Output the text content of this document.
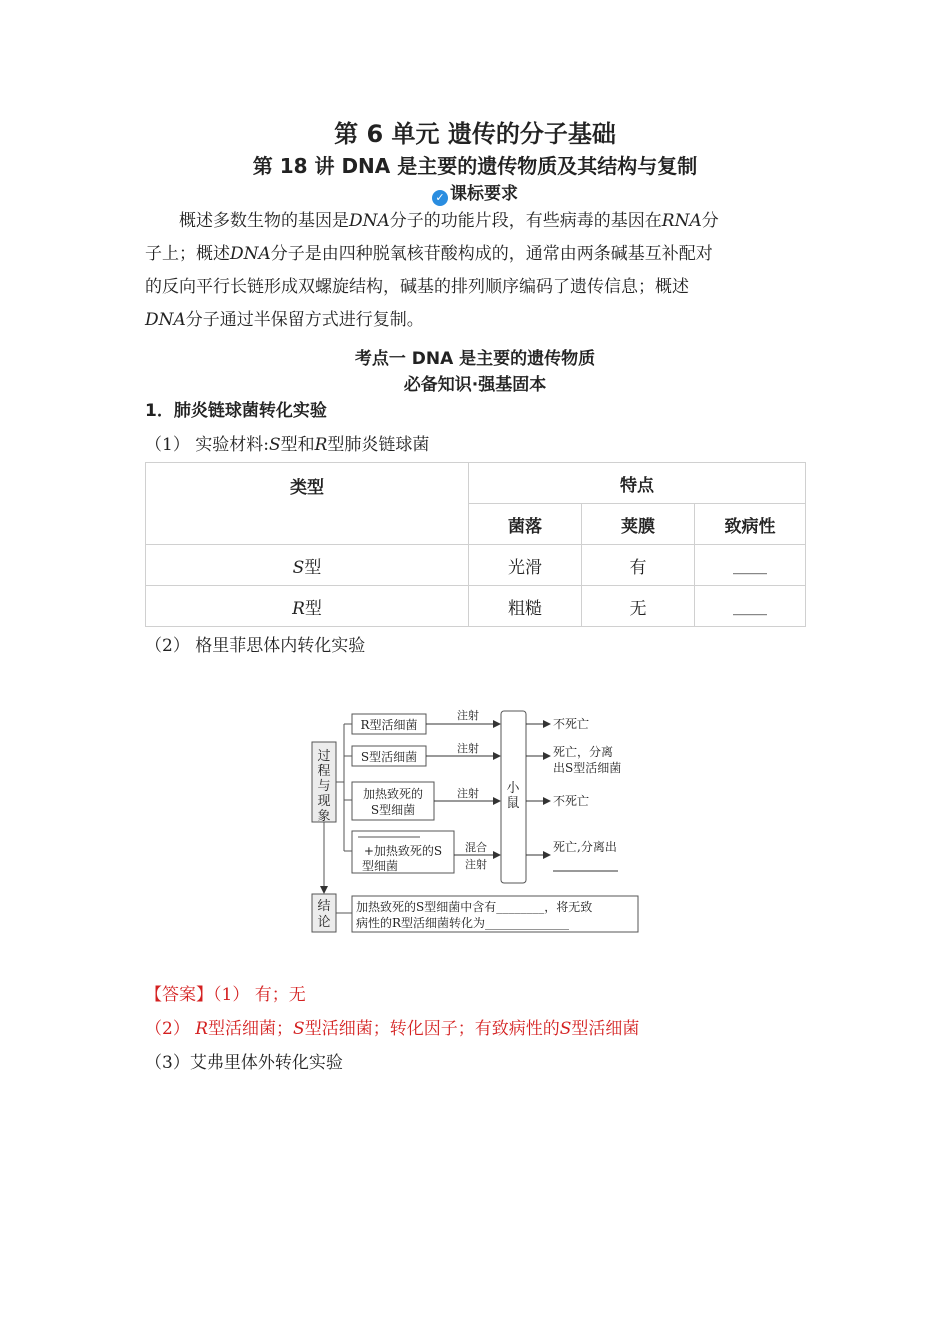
第 6 单元 遗传的分子基础
第 18 讲 DNA 是主要的遗传物质及其结构与复制
✓ 课标要求
概述多数生物的基因是DNA分子的功能片段，有些病毒的基因在RNA分
子上；概述DNA分子是由四种脱氧核苷酸构成的，通常由两条碱基互补配对
的反向平行长链形成双螺旋结构，碱基的排列顺序编码了遗传信息；概述
DNA分子通过半保留方式进行复制。
考点一 DNA 是主要的遗传物质
必备知识·强基固本
1．肺炎链球菌转化实验
（1） 实验材料:S型和R型肺炎链球菌
类型	特点		
	菌落	荚膜	致病性
S型	光滑	有	____
R型	粗糙	无	____
（2） 格里菲思体内转化实验
过
程
与
现
象
R型活细菌
S型活细菌
加热致死的
S型细菌
+加热致死的S
型细菌
注射
注射
注射
混合
注射
小
鼠
不死亡
死亡，分离
出S型活细菌
不死亡
死亡,分离出
结
论
加热致死的S型细菌中含有________，将无致
病性的R型活细菌转化为______________
【答案】（1） 有；无
（2） R型活细菌；S型活细菌；转化因子；有致病性的S型活细菌
（3）艾弗里体外转化实验
